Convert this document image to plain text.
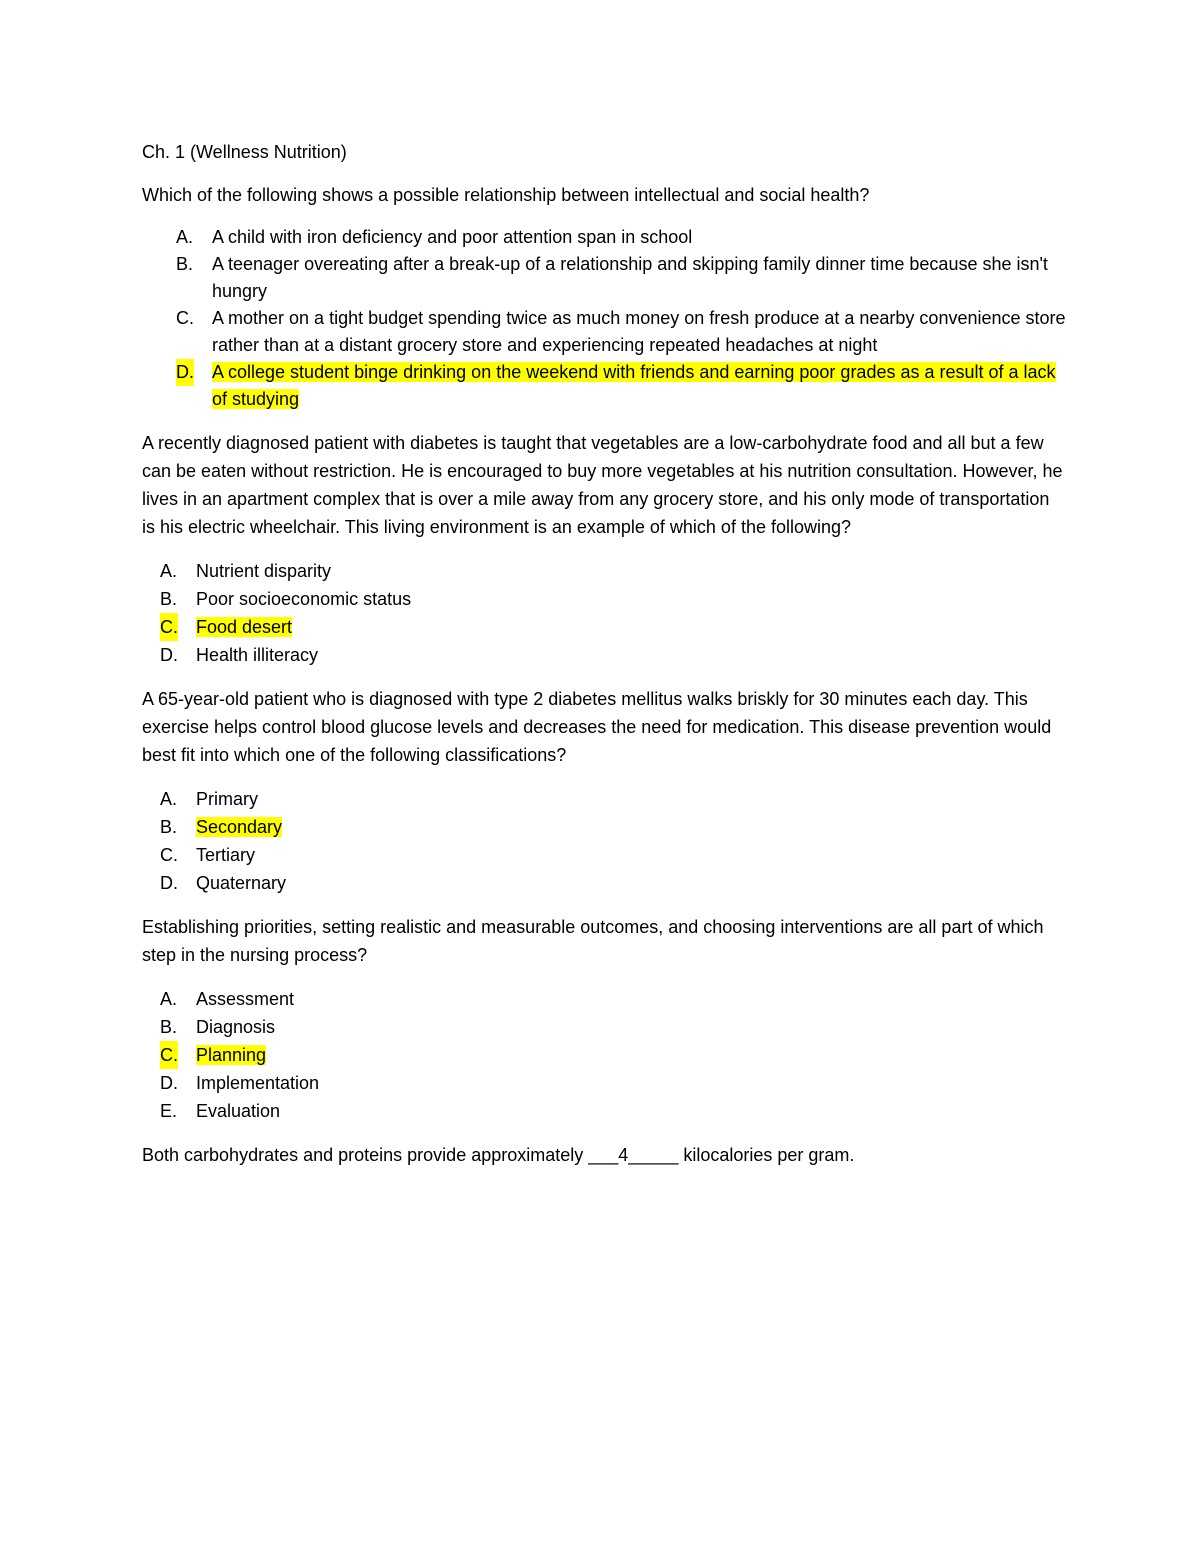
Ch. 1 (Wellness Nutrition)
Which of the following shows a possible relationship between intellectual and social health?
A. A child with iron deficiency and poor attention span in school
B. A teenager overeating after a break-up of a relationship and skipping family dinner time because she isn't hungry
C. A mother on a tight budget spending twice as much money on fresh produce at a nearby convenience store rather than at a distant grocery store and experiencing repeated headaches at night
D. A college student binge drinking on the weekend with friends and earning poor grades as a result of a lack of studying
A recently diagnosed patient with diabetes is taught that vegetables are a low-carbohydrate food and all but a few can be eaten without restriction. He is encouraged to buy more vegetables at his nutrition consultation. However, he lives in an apartment complex that is over a mile away from any grocery store, and his only mode of transportation is his electric wheelchair. This living environment is an example of which of the following?
A. Nutrient disparity
B. Poor socioeconomic status
C. Food desert
D. Health illiteracy
A 65-year-old patient who is diagnosed with type 2 diabetes mellitus walks briskly for 30 minutes each day. This exercise helps control blood glucose levels and decreases the need for medication. This disease prevention would best fit into which one of the following classifications?
A. Primary
B. Secondary
C. Tertiary
D. Quaternary
Establishing priorities, setting realistic and measurable outcomes, and choosing interventions are all part of which step in the nursing process?
A. Assessment
B. Diagnosis
C. Planning
D. Implementation
E. Evaluation
Both carbohydrates and proteins provide approximately ___4_____ kilocalories per gram.
